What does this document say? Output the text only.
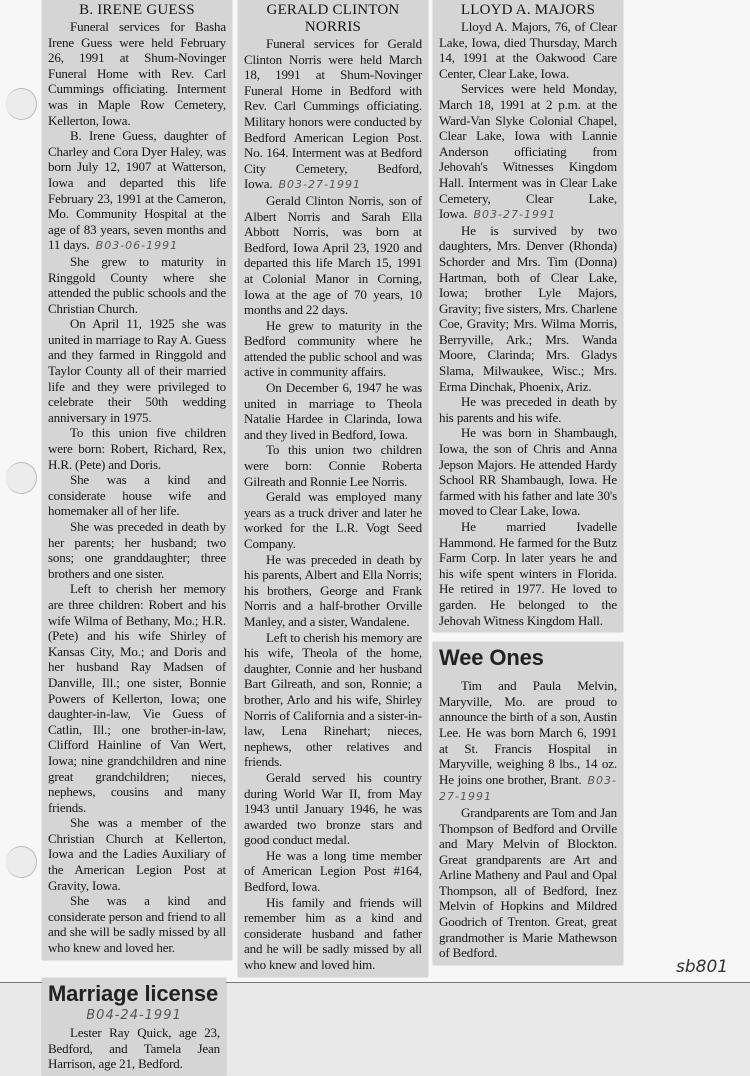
sb801
B. IRENE GUESS

Funeral services for Basha Irene Guess were held February 26, 1991 at Shum-Novinger Funeral Home with Rev. Carl Cummings officiating. Interment was in Maple Row Cemetery, Kellerton, Iowa.

B. Irene Guess, daughter of Charley and Cora Dyer Haley, was born July 12, 1907 at Watterson, Iowa and departed this life February 23, 1991 at the Cameron, Mo. Community Hospital at the age of 83 years, seven months and 11 days. B03-06-1991

She grew to maturity in Ringgold County where she attended the public schools and the Christian Church.

On April 11, 1925 she was united in marriage to Ray A. Guess and they farmed in Ringgold and Taylor County all of their married life and they were privileged to celebrate their 50th wedding anniversary in 1975.

To this union five children were born: Robert, Richard, Rex, H.R. (Pete) and Doris.

She was a kind and considerate house wife and homemaker all of her life.

She was preceded in death by her parents; her husband; two sons; one granddaughter; three brothers and one sister.

Left to cherish her memory are three children: Robert and his wife Wilma of Bethany, Mo.; H.R. (Pete) and his wife Shirley of Kansas City, Mo.; and Doris and her husband Ray Madsen of Danville, Ill.; one sister, Bonnie Powers of Kellerton, Iowa; one daughter-in-law, Vie Guess of Catlin, Ill.; one brother-in-law, Clifford Hainline of Van Wert, Iowa; nine grandchildren and nine great grandchildren; nieces, nephews, cousins and many friends.

She was a member of the Christian Church at Kellerton, Iowa and the Ladies Auxiliary of the American Legion Post at Gravity, Iowa.

She was a kind and considerate person and friend to all and she will be sadly missed by all who knew and loved her.

Marriage license
B04-24-1991

Lester Ray Quick, age 23, Bedford, and Tamela Jean Harrison, age 21, Bedford.

GERALD CLINTON NORRIS

Funeral services for Gerald Clinton Norris were held March 18, 1991 at Shum-Novinger Funeral Home in Bedford with Rev. Carl Cummings officiating. Military honors were conducted by Bedford American Legion Post. No. 164. Interment was at Bedford City Cemetery, Bedford, Iowa. B03-27-1991

Gerald Clinton Norris, son of Albert Norris and Sarah Ella Abbott Norris, was born at Bedford, Iowa April 23, 1920 and departed this life March 15, 1991 at Colonial Manor in Corning, Iowa at the age of 70 years, 10 months and 22 days.

He grew to maturity in the Bedford community where he attended the public school and was active in community affairs.

On December 6, 1947 he was united in marriage to Theola Natalie Hardee in Clarinda, Iowa and they lived in Bedford, Iowa.

To this union two children were born: Connie Roberta Gilreath and Ronnie Lee Norris.

Gerald was employed many years as a truck driver and later he worked for the L.R. Vogt Seed Company.

He was preceded in death by his parents, Albert and Ella Norris; his brothers, George and Frank Norris and a half-brother Orville Manley, and a sister, Wandalene.

Left to cherish his memory are his wife, Theola of the home, daughter, Connie and her husband Bart Gilreath, and son, Ronnie; a brother, Arlo and his wife, Shirley Norris of California and a sister-in-law, Lena Rinehart; nieces, nephews, other relatives and friends.

Gerald served his country during World War II, from May 1943 until January 1946, he was awarded two bronze stars and good conduct medal.

He was a long time member of American Legion Post #164, Bedford, Iowa.

His family and friends will remember him as a kind and considerate husband and father and he will be sadly missed by all who knew and loved him.

LLOYD A. MAJORS

Lloyd A. Majors, 76, of Clear Lake, Iowa, died Thursday, March 14, 1991 at the Oakwood Care Center, Clear Lake, Iowa.

Services were held Monday, March 18, 1991 at 2 p.m. at the Ward-Van Slyke Colonial Chapel, Clear Lake, Iowa with Lannie Anderson officiating from Jehovah's Witnesses Kingdom Hall. Interment was in Clear Lake Cemetery, Clear Lake, Iowa. B03-27-1991

He is survived by two daughters, Mrs. Denver (Rhonda) Schorder and Mrs. Tim (Donna) Hartman, both of Clear Lake, Iowa; brother Lyle Majors, Gravity; five sisters, Mrs. Charlene Coe, Gravity; Mrs. Wilma Morris, Berryville, Ark.; Mrs. Wanda Moore, Clarinda; Mrs. Gladys Slama, Milwaukee, Wisc.; Mrs. Erma Dinchak, Phoenix, Ariz.

He was preceded in death by his parents and his wife.

He was born in Shambaugh, Iowa, the son of Chris and Anna Jepson Majors. He attended Hardy School RR Shambaugh, Iowa. He farmed with his father and late 30's moved to Clear Lake, Iowa.

He married Ivadelle Hammond. He farmed for the Butz Farm Corp. In later years he and his wife spent winters in Florida. He retired in 1977. He loved to garden. He belonged to the Jehovah Witness Kingdom Hall.

Wee Ones

Tim and Paula Melvin, Maryville, Mo. are proud to announce the birth of a son, Austin Lee. He was born March 6, 1991 at St. Francis Hospital in Maryville, weighing 8 lbs., 14 oz. He joins one brother, Brant. B03-27-1991

Grandparents are Tom and Jan Thompson of Bedford and Orville and Mary Melvin of Blockton. Great grandparents are Art and Arline Matheny and Paul and Opal Thompson, all of Bedford, Inez Melvin of Hopkins and Mildred Goodrich of Trenton. Great, great grandmother is Marie Mathewson of Bedford.
